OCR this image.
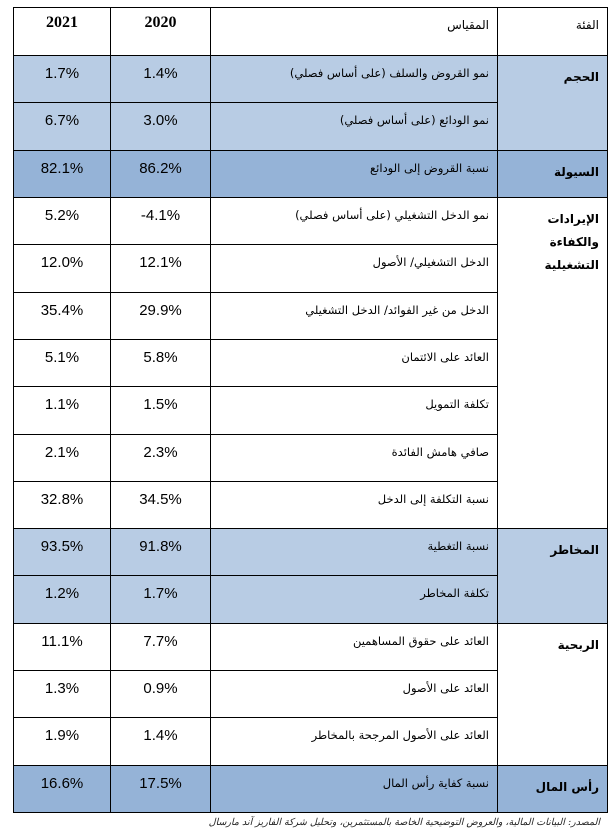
2021	2020	المقياس	الفئة
1.7%	1.4%	نمو القروض والسلف (على أساس فصلي)	الحجم
6.7%	3.0%	نمو الودائع (على أساس فصلي)	
82.1%	86.2%	نسبة القروض إلى الودائع	السيولة
5.2%	-4.1%	نمو الدخل التشغيلي (على أساس فصلي)	الإيرادات والكفاءة التشغيلية
12.0%	12.1%	الدخل التشغيلي/ الأصول	
35.4%	29.9%	الدخل من غير الفوائد/ الدخل التشغيلي	
5.1%	5.8%	العائد على الائتمان	
1.1%	1.5%	تكلفة التمويل	
2.1%	2.3%	صافي هامش الفائدة	
32.8%	34.5%	نسبة التكلفة إلى الدخل	
93.5%	91.8%	نسبة التغطية	المخاطر
1.2%	1.7%	تكلفة المخاطر	
11.1%	7.7%	العائد على حقوق المساهمين	الربحية
1.3%	0.9%	العائد على الأصول	
1.9%	1.4%	العائد على الأصول المرجحة بالمخاطر	
16.6%	17.5%	نسبة كفاية رأس المال	رأس المال
المصدر: البيانات المالية، والعروض التوضيحية الخاصة بالمستثمرين، وتحليل شركة الفاريز آند مارسال
